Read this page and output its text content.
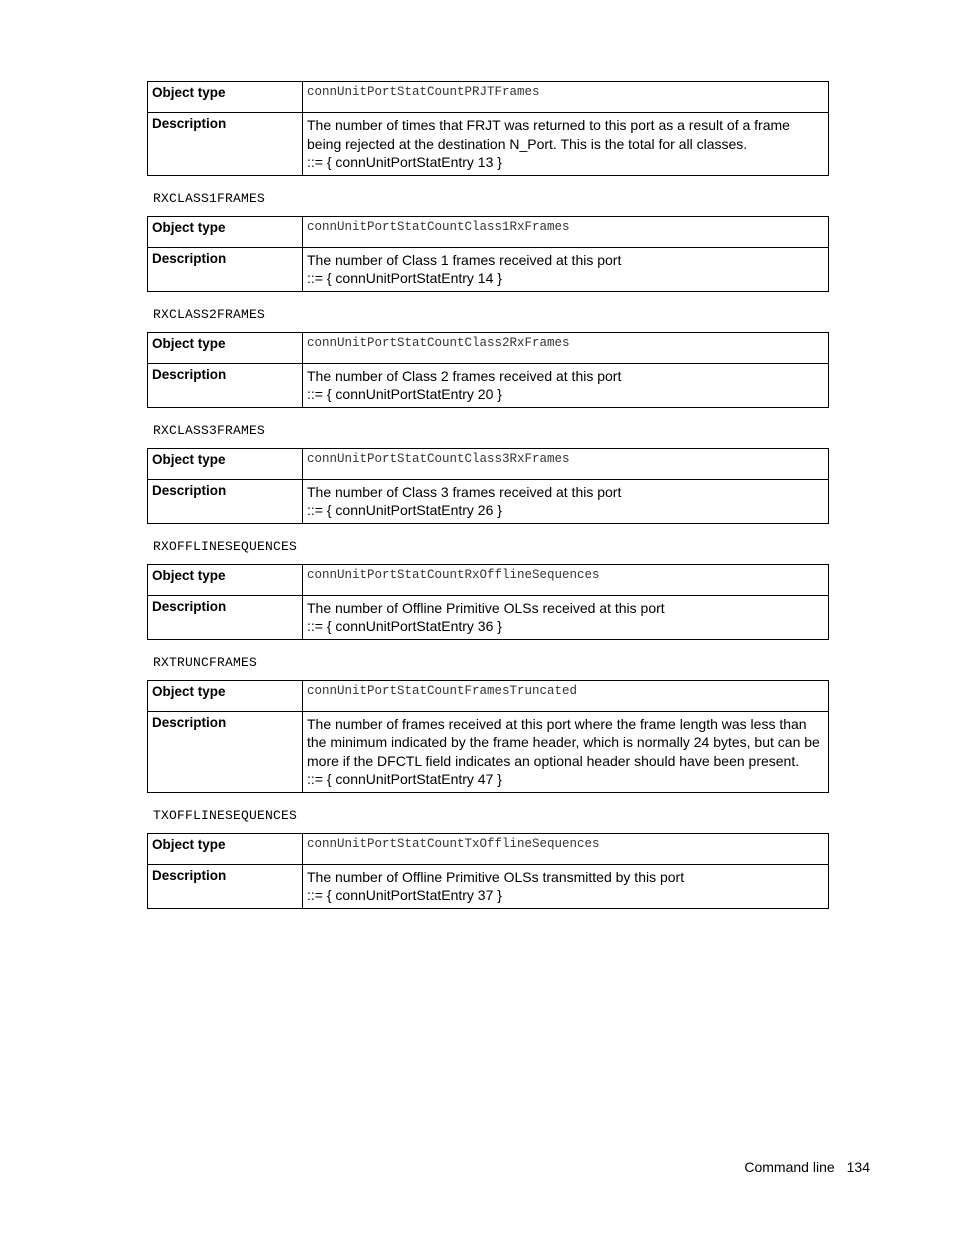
Object type	connUnitPortStatCountPRJTFrames
Description	The number of times that FRJT was returned to this port as a result of a frame being rejected at the destination N_Port. This is the total for all classes.
::= { connUnitPortStatEntry 13 }
RXCLASS1FRAMES
Object type	connUnitPortStatCountClass1RxFrames
Description	The number of Class 1 frames received at this port
::= { connUnitPortStatEntry 14 }
RXCLASS2FRAMES
Object type	connUnitPortStatCountClass2RxFrames
Description	The number of Class 2 frames received at this port
::= { connUnitPortStatEntry 20 }
RXCLASS3FRAMES
Object type	connUnitPortStatCountClass3RxFrames
Description	The number of Class 3 frames received at this port
::= { connUnitPortStatEntry 26 }
RXOFFLINESEQUENCES
Object type	connUnitPortStatCountRxOfflineSequences
Description	The number of Offline Primitive OLSs received at this port
::= { connUnitPortStatEntry 36 }
RXTRUNCFRAMES
Object type	connUnitPortStatCountFramesTruncated
Description	The number of frames received at this port where the frame length was less than the minimum indicated by the frame header, which is normally 24 bytes, but can be more if the DFCTL field indicates an optional header should have been present.
::= { connUnitPortStatEntry 47 }
TXOFFLINESEQUENCES
Object type	connUnitPortStatCountTxOfflineSequences
Description	The number of Offline Primitive OLSs transmitted by this port
::= { connUnitPortStatEntry 37 }
Command line 134
